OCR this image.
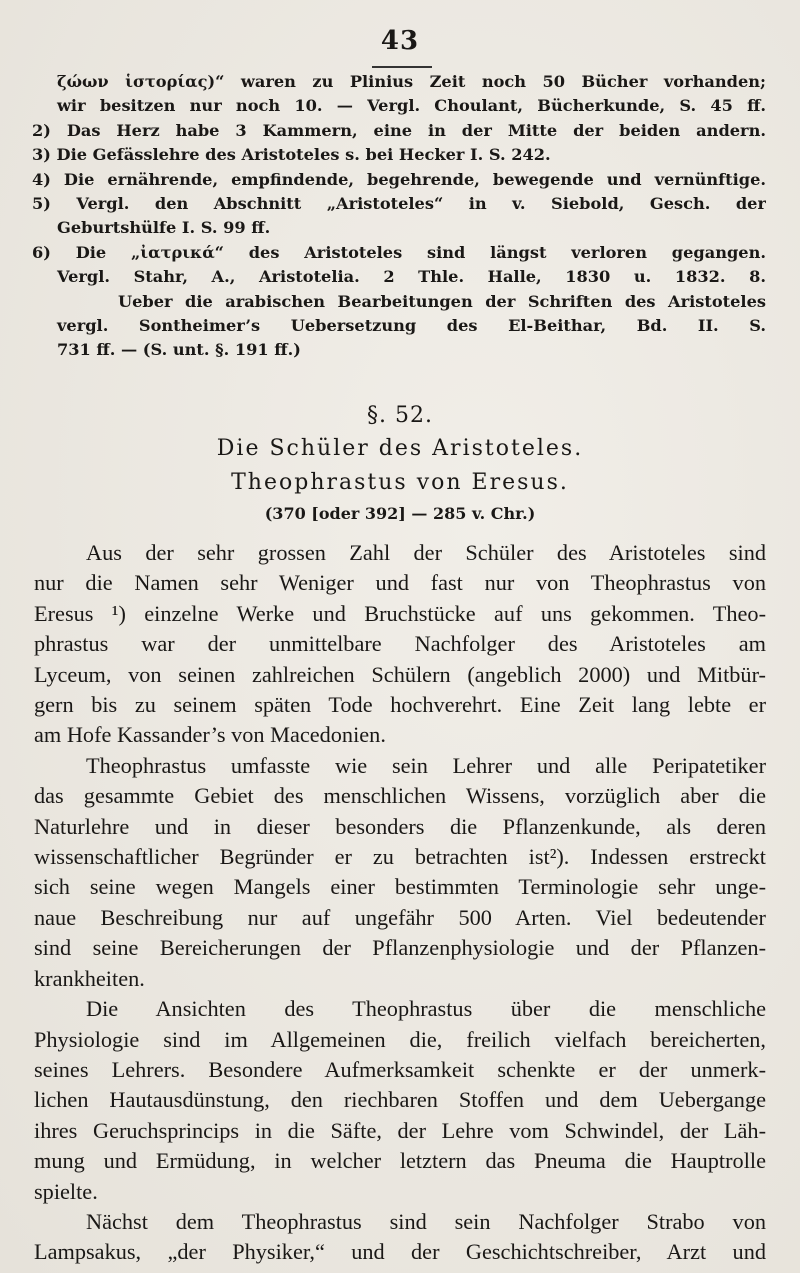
43
ζώων ἱστορίας)“ waren zu Plinius Zeit noch 50 Bücher vorhanden;
wir besitzen nur noch 10. — Vergl. Choulant, Bücherkunde, S. 45 ff.
2) Das Herz habe 3 Kammern, eine in der Mitte der beiden andern.
3) Die Gefässlehre des Aristoteles s. bei Hecker I. S. 242.
4) Die ernährende, empfindende, begehrende, bewegende und vernünftige.
5) Vergl. den Abschnitt „Aristoteles“ in v. Siebold, Gesch. der
Geburtshülfe I. S. 99 ff.
6) Die „ἰατρικά“ des Aristoteles sind längst verloren gegangen.
Vergl. Stahr, A., Aristotelia. 2 Thle. Halle, 1830 u. 1832. 8.
Ueber die arabischen Bearbeitungen der Schriften des Aristoteles
vergl. Sontheimer’s Uebersetzung des El-Beithar, Bd. II. S.
731 ff. — (S. unt. §. 191 ff.)
§. 52.
Die Schüler des Aristoteles.
Theophrastus von Eresus.
(370 [oder 392] — 285 v. Chr.)
Aus der sehr grossen Zahl der Schüler des Aristoteles sind
nur die Namen sehr Weniger und fast nur von Theophrastus von
Eresus ¹) einzelne Werke und Bruchstücke auf uns gekommen. Theo-
phrastus war der unmittelbare Nachfolger des Aristoteles am
Lyceum, von seinen zahlreichen Schülern (angeblich 2000) und Mitbür-
gern bis zu seinem späten Tode hochverehrt. Eine Zeit lang lebte er
am Hofe Kassander’s von Macedonien.
Theophrastus umfasste wie sein Lehrer und alle Peripatetiker
das gesammte Gebiet des menschlichen Wissens, vorzüglich aber die
Naturlehre und in dieser besonders die Pflanzenkunde, als deren
wissenschaftlicher Begründer er zu betrachten ist²). Indessen erstreckt
sich seine wegen Mangels einer bestimmten Terminologie sehr unge-
naue Beschreibung nur auf ungefähr 500 Arten. Viel bedeutender
sind seine Bereicherungen der Pflanzenphysiologie und der Pflanzen-
krankheiten.
Die Ansichten des Theophrastus über die menschliche
Physiologie sind im Allgemeinen die, freilich vielfach bereicherten,
seines Lehrers. Besondere Aufmerksamkeit schenkte er der unmerk-
lichen Hautausdünstung, den riechbaren Stoffen und dem Uebergange
ihres Geruchsprincips in die Säfte, der Lehre vom Schwindel, der Läh-
mung und Ermüdung, in welcher letztern das Pneuma die Hauptrolle
spielte.
Nächst dem Theophrastus sind sein Nachfolger Strabo von
Lampsakus, „der Physiker,“ und der Geschichtschreiber, Arzt und
